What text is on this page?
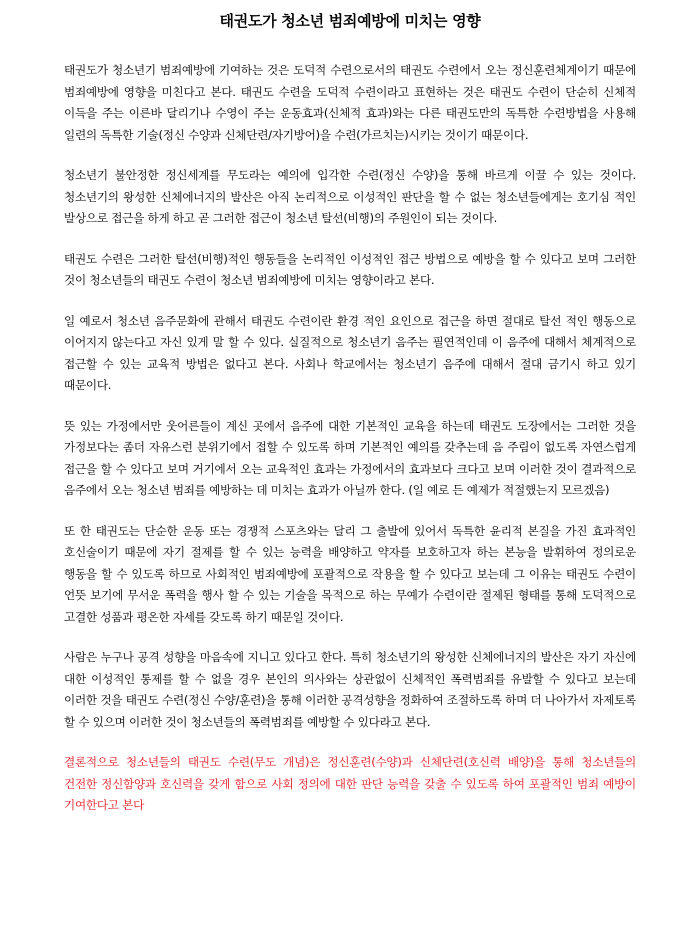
태권도가 청소년 범죄예방에 미치는 영향

태권도가 청소년기 범죄예방에 기여하는 것은 도덕적 수련으로서의 태권도 수련에서 오는 정신훈련체계이기 때문에 범죄예방에 영향을 미친다고 본다. 태권도 수련을 도덕적 수련이라고 표현하는 것은 태권도 수련이 단순히 신체적 이득을 주는 이른바 달리기나 수영이 주는 운동효과(신체적 효과)와는 다른 태권도만의 독특한 수련방법을 사용해 일련의 독특한 기술(정신 수양과 신체단련/자기방어)을 수련(가르치는)시키는 것이기 때문이다.

청소년기 불안정한 정신세계를 무도라는 예의에 입각한 수련(정신 수양)을 통해 바르게 이끌 수 있는 것이다. 청소년기의 왕성한 신체에너지의 발산은 아직 논리적으로 이성적인 판단을 할 수 없는 청소년들에게는 호기심 적인 발상으로 접근을 하게 하고 곧 그러한 접근이 청소년 탈선(비행)의 주원인이 되는 것이다.

태권도 수련은 그러한 탈선(비행)적인 행동들을 논리적인 이성적인 접근 방법으로 예방을 할 수 있다고 보며 그러한 것이 청소년들의 태권도 수련이 청소년 범죄예방에 미치는 영향이라고 본다.

일 예로서 청소년 음주문화에 관해서 태권도 수련이란 환경 적인 요인으로 접근을 하면 절대로 탈선 적인 행동으로 이어지지 않는다고 자신 있게 말 할 수 있다. 실질적으로 청소년기 음주는 필연적인데 이 음주에 대해서 체계적으로 접근할 수 있는 교육적 방법은 없다고 본다. 사회나 학교에서는 청소년기 음주에 대해서 절대 금기시 하고 있기 때문이다.

뜻 있는 가정에서만 웃어른들이 계신 곳에서 음주에 대한 기본적인 교육을 하는데 태권도 도장에서는 그러한 것을 가정보다는 좀더 자유스런 분위기에서 접할 수 있도록 하며 기본적인 예의를 갖추는데 음 주림이 없도록 자연스럽게 접근을 할 수 있다고 보며 거기에서 오는 교육적인 효과는 가정에서의 효과보다 크다고 보며 이러한 것이 결과적으로 음주에서 오는 청소년 범죄를 예방하는 데 미치는 효과가 아닐까 한다. (일 예로 든 예제가 적절했는지 모르겠음)

또 한 태권도는 단순한 운동 또는 경쟁적 스포츠와는 달리 그 출발에 있어서 독특한 윤리적 본질을 가진 효과적인 호신술이기 때문에 자기 절제를 할 수 있는 능력을 배양하고 약자를 보호하고자 하는 본능을 발휘하여 정의로운 행동을 할 수 있도록 하므로 사회적인 범죄예방에 포괄적으로 작용을 할 수 있다고 보는데 그 이유는 태권도 수련이 언뜻 보기에 무서운 폭력을 행사 할 수 있는 기술을 목적으로 하는 무예가 수련이란 절제된 형태를 통해 도덕적으로 고결한 성품과 평온한 자세를 갖도록 하기 때문일 것이다.

사람은 누구나 공격 성향을 마음속에 지니고 있다고 한다. 특히 청소년기의 왕성한 신체에너지의 발산은 자기 자신에 대한 이성적인 통제를 할 수 없을 경우 본인의 의사와는 상관없이 신체적인 폭력범죄를 유발할 수 있다고 보는데 이러한 것을 태권도 수련(정신 수양/훈련)을 통해 이러한 공격성향을 정화하여 조절하도록 하며 더 나아가서 자제토록 할 수 있으며 이러한 것이 청소년들의 폭력범죄를 예방할 수 있다라고 본다.

결론적으로 청소년들의 태권도 수련(무도 개념)은 정신훈련(수양)과 신체단련(호신력 배양)을 통해 청소년들의 건전한 정신함양과 호신력을 갖게 함으로 사회 정의에 대한 판단 능력을 갖출 수 있도록 하여 포괄적인 범죄 예방이 기여한다고 본다
